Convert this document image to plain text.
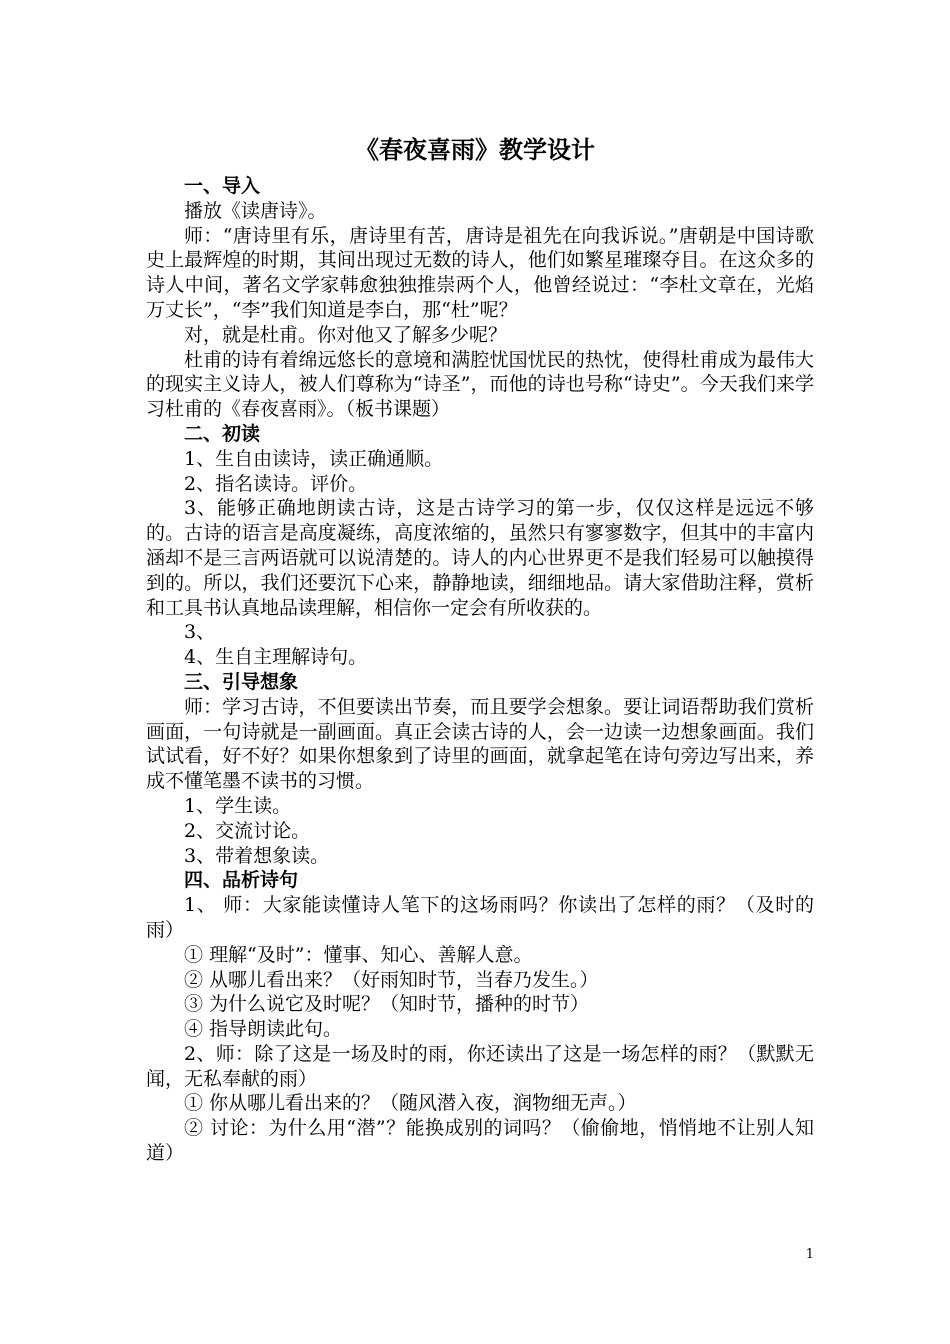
《春夜喜雨》教学设计
一、导入

播放《读唐诗》。

师：“唐诗里有乐，唐诗里有苦，唐诗是祖先在向我诉说。”唐朝是中国诗歌史上最辉煌的时期，其间出现过无数的诗人，他们如繁星璀璨夺目。在这众多的诗人中间，著名文学家韩愈独独推崇两个人，他曾经说过：“李杜文章在，光焰万丈长”，“李”我们知道是李白，那“杜”呢？

对，就是杜甫。你对他又了解多少呢？

杜甫的诗有着绵远悠长的意境和满腔忧国忧民的热忱，使得杜甫成为最伟大的现实主义诗人，被人们尊称为“诗圣”，而他的诗也号称“诗史”。今天我们来学习杜甫的《春夜喜雨》。（板书课题）

二、初读

1、生自由读诗，读正确通顺。

2、指名读诗。评价。

3、能够正确地朗读古诗，这是古诗学习的第一步，仅仅这样是远远不够的。古诗的语言是高度凝练，高度浓缩的，虽然只有寥寥数字，但其中的丰富内涵却不是三言两语就可以说清楚的。诗人的内心世界更不是我们轻易可以触摸得到的。所以，我们还要沉下心来，静静地读，细细地品。请大家借助注释，赏析和工具书认真地品读理解，相信你一定会有所收获的。

3、

4、生自主理解诗句。

三、引导想象

师：学习古诗，不但要读出节奏，而且要学会想象。要让词语帮助我们赏析画面，一句诗就是一副画面。真正会读古诗的人，会一边读一边想象画面。我们试试看，好不好？如果你想象到了诗里的画面，就拿起笔在诗句旁边写出来，养成不懂笔墨不读书的习惯。

1、学生读。

2、交流讨论。

3、带着想象读。

四、品析诗句

1、 师：大家能读懂诗人笔下的这场雨吗？你读出了怎样的雨？（及时的雨）

① 理解“及时”：懂事、知心、善解人意。

② 从哪儿看出来？（好雨知时节，当春乃发生。）

③ 为什么说它及时呢？（知时节，播种的时节）

④ 指导朗读此句。

2、师：除了这是一场及时的雨，你还读出了这是一场怎样的雨？（默默无闻，无私奉献的雨）

① 你从哪儿看出来的？（随风潜入夜，润物细无声。）

② 讨论：为什么用“潜”？能换成别的词吗？（偷偷地，悄悄地不让别人知道）

1
